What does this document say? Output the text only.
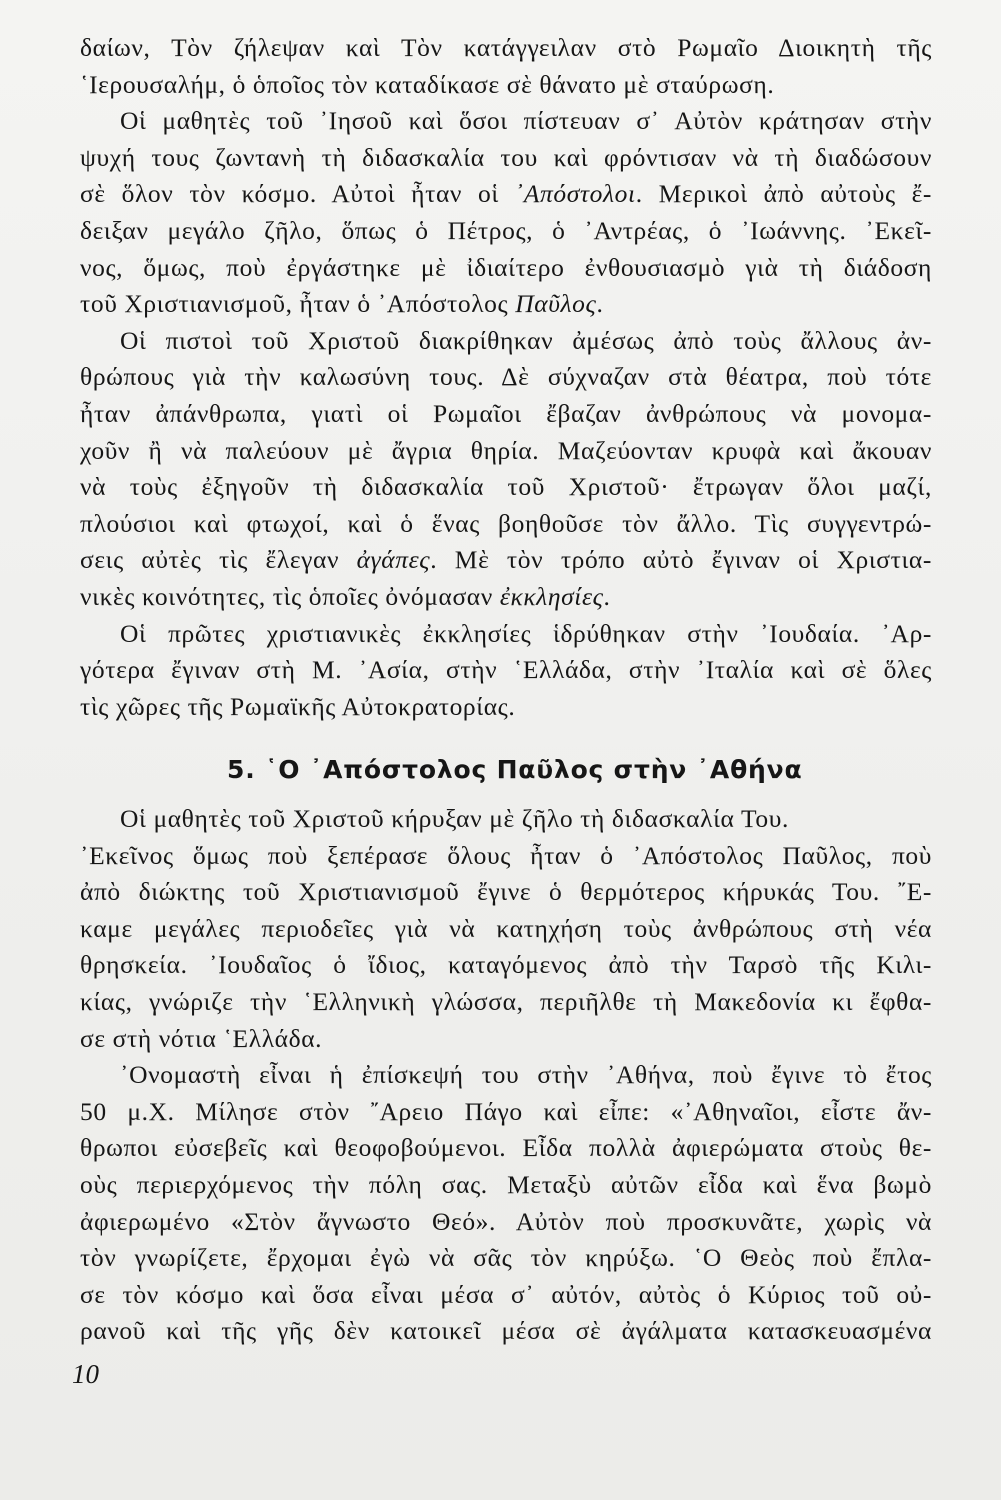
δαίων, Τὸν ζήλεψαν καὶ Τὸν κατάγγειλαν στὸ Ρωμαῖο Διοικητὴ τῆς
῾Ιερουσαλήμ, ὁ ὁποῖος τὸν καταδίκασε σὲ θάνατο μὲ σταύρωση.

Οἱ μαθητὲς τοῦ ᾿Ιησοῦ καὶ ὅσοι πίστευαν σ᾿ Αὐτὸν κράτησαν στὴν
ψυχή τους ζωντανὴ τὴ διδασκαλία του καὶ φρόντισαν νὰ τὴ διαδώσουν
σὲ ὅλον τὸν κόσμο. Αὐτοὶ ἦταν οἱ ᾿Απόστολοι. Μερικοὶ ἀπὸ αὐτοὺς ἔ-
δειξαν μεγάλο ζῆλο, ὅπως ὁ Πέτρος, ὁ ᾿Αντρέας, ὁ ᾿Ιωάννης. ᾿Εκεῖ-
νος, ὅμως, ποὺ ἐργάστηκε μὲ ἰδιαίτερο ἐνθουσιασμὸ γιὰ τὴ διάδοση
τοῦ Χριστιανισμοῦ, ἦταν ὁ ᾿Απόστολος Παῦλος.

Οἱ πιστοὶ τοῦ Χριστοῦ διακρίθηκαν ἀμέσως ἀπὸ τοὺς ἄλλους ἀν-
θρώπους γιὰ τὴν καλωσύνη τους. Δὲ σύχναζαν στὰ θέατρα, ποὺ τότε
ἦταν ἀπάνθρωπα, γιατὶ οἱ Ρωμαῖοι ἔβαζαν ἀνθρώπους νὰ μονομα-
χοῦν ἢ νὰ παλεύουν μὲ ἄγρια θηρία. Μαζεύονταν κρυφὰ καὶ ἄκουαν
νὰ τοὺς ἐξηγοῦν τὴ διδασκαλία τοῦ Χριστοῦ· ἔτρωγαν ὅλοι μαζί,
πλούσιοι καὶ φτωχοί, καὶ ὁ ἕνας βοηθοῦσε τὸν ἄλλο. Τὶς συγγεντρώ-
σεις αὐτὲς τὶς ἔλεγαν ἀγάπες. Μὲ τὸν τρόπο αὐτὸ ἔγιναν οἱ Χριστια-
νικὲς κοινότητες, τὶς ὁποῖες ὀνόμασαν ἐκκλησίες.

Οἱ πρῶτες χριστιανικὲς ἐκκλησίες ἱδρύθηκαν στὴν ᾿Ιουδαία. ᾿Αρ-
γότερα ἔγιναν στὴ Μ. ᾿Ασία, στὴν ῾Ελλάδα, στὴν ᾿Ιταλία καὶ σὲ ὅλες
τὶς χῶρες τῆς Ρωμαϊκῆς Αὐτοκρατορίας.

5. ῾Ο ᾿Απόστολος Παῦλος στὴν ᾿Αθήνα

Οἱ μαθητὲς τοῦ Χριστοῦ κήρυξαν μὲ ζῆλο τὴ διδασκαλία Του.
᾿Εκεῖνος ὅμως ποὺ ξεπέρασε ὅλους ἦταν ὁ ᾿Απόστολος Παῦλος, ποὺ
ἀπὸ διώκτης τοῦ Χριστιανισμοῦ ἔγινε ὁ θερμότερος κήρυκάς Του. ῎Ε-
καμε μεγάλες περιοδεῖες γιὰ νὰ κατηχήση τοὺς ἀνθρώπους στὴ νέα
θρησκεία. ᾿Ιουδαῖος ὁ ἴδιος, καταγόμενος ἀπὸ τὴν Ταρσὸ τῆς Κιλι-
κίας, γνώριζε τὴν ῾Ελληνικὴ γλώσσα, περιῆλθε τὴ Μακεδονία κι ἔφθα-
σε στὴ νότια ῾Ελλάδα.

᾿Ονομαστὴ εἶναι ἡ ἐπίσκεψή του στὴν ᾿Αθήνα, ποὺ ἔγινε τὸ ἔτος
50 μ.Χ. Μίλησε στὸν ῎Αρειο Πάγο καὶ εἶπε: «᾿Αθηναῖοι, εἶστε ἄν-
θρωποι εὐσεβεῖς καὶ θεοφοβούμενοι. Εἶδα πολλὰ ἀφιερώματα στοὺς θε-
οὺς περιερχόμενος τὴν πόλη σας. Μεταξὺ αὐτῶν εἶδα καὶ ἕνα βωμὸ
ἀφιερωμένο «Στὸν ἄγνωστο Θεό». Αὐτὸν ποὺ προσκυνᾶτε, χωρὶς νὰ
τὸν γνωρίζετε, ἔρχομαι ἐγὼ νὰ σᾶς τὸν κηρύξω. ῾Ο Θεὸς ποὺ ἔπλα-
σε τὸν κόσμο καὶ ὅσα εἶναι μέσα σ᾿ αὐτόν, αὐτὸς ὁ Κύριος τοῦ οὐ-
ρανοῦ καὶ τῆς γῆς δὲν κατοικεῖ μέσα σὲ ἀγάλματα κατασκευασμένα

10
